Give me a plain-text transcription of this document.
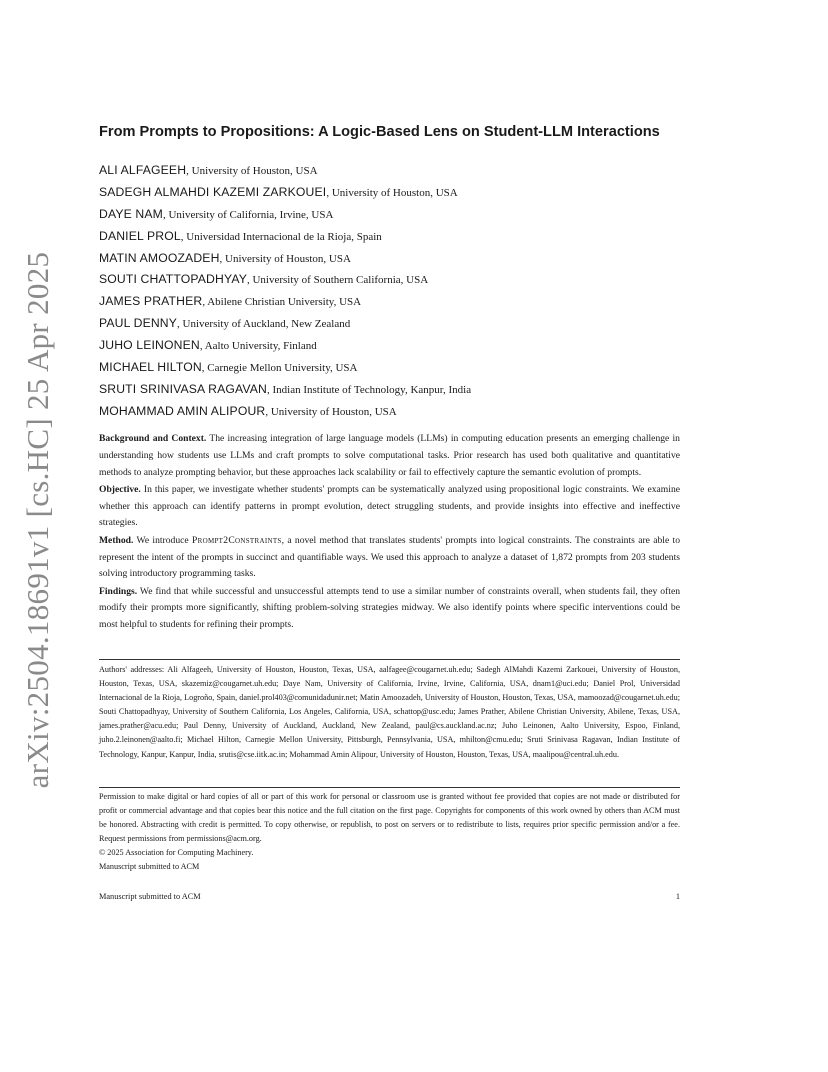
arXiv:2504.18691v1 [cs.HC] 25 Apr 2025
From Prompts to Propositions: A Logic-Based Lens on Student-LLM Interactions
ALI ALFAGEEH, University of Houston, USA
SADEGH ALMAHDI KAZEMI ZARKOUEI, University of Houston, USA
DAYE NAM, University of California, Irvine, USA
DANIEL PROL, Universidad Internacional de la Rioja, Spain
MATIN AMOOZADEH, University of Houston, USA
SOUTI CHATTOPADHYAY, University of Southern California, USA
JAMES PRATHER, Abilene Christian University, USA
PAUL DENNY, University of Auckland, New Zealand
JUHO LEINONEN, Aalto University, Finland
MICHAEL HILTON, Carnegie Mellon University, USA
SRUTI SRINIVASA RAGAVAN, Indian Institute of Technology, Kanpur, India
MOHAMMAD AMIN ALIPOUR, University of Houston, USA

Background and Context. The increasing integration of large language models (LLMs) in computing education presents an emerging challenge in understanding how students use LLMs and craft prompts to solve computational tasks. Prior research has used both qualitative and quantitative methods to analyze prompting behavior, but these approaches lack scalability or fail to effectively capture the semantic evolution of prompts.

Objective. In this paper, we investigate whether students' prompts can be systematically analyzed using propositional logic constraints. We examine whether this approach can identify patterns in prompt evolution, detect struggling students, and provide insights into effective and ineffective strategies.

Method. We introduce Prompt2Constraints, a novel method that translates students' prompts into logical constraints. The constraints are able to represent the intent of the prompts in succinct and quantifiable ways. We used this approach to analyze a dataset of 1,872 prompts from 203 students solving introductory programming tasks.

Findings. We find that while successful and unsuccessful attempts tend to use a similar number of constraints overall, when students fail, they often modify their prompts more significantly, shifting problem-solving strategies midway. We also identify points where specific interventions could be most helpful to students for refining their prompts.

Authors' addresses: Ali Alfageeh, University of Houston, Houston, Texas, USA, aalfagee@cougarnet.uh.edu; Sadegh AlMahdi Kazemi Zarkouei, University of Houston, Houston, Texas, USA, skazemiz@cougarnet.uh.edu; Daye Nam, University of California, Irvine, Irvine, California, USA, dnam1@uci.edu; Daniel Prol, Universidad Internacional de la Rioja, Logroño, Spain, daniel.prol403@comunidadunir.net; Matin Amoozadeh, University of Houston, Houston, Texas, USA, mamoozad@cougarnet.uh.edu; Souti Chattopadhyay, University of Southern California, Los Angeles, California, USA, schattop@usc.edu; James Prather, Abilene Christian University, Abilene, Texas, USA, james.prather@acu.edu; Paul Denny, University of Auckland, Auckland, New Zealand, paul@cs.auckland.ac.nz; Juho Leinonen, Aalto University, Espoo, Finland, juho.2.leinonen@aalto.fi; Michael Hilton, Carnegie Mellon University, Pittsburgh, Pennsylvania, USA, mhilton@cmu.edu; Sruti Srinivasa Ragavan, Indian Institute of Technology, Kanpur, Kanpur, India, srutis@cse.iitk.ac.in; Mohammad Amin Alipour, University of Houston, Houston, Texas, USA, maalipou@central.uh.edu.

Permission to make digital or hard copies of all or part of this work for personal or classroom use is granted without fee provided that copies are not made or distributed for profit or commercial advantage and that copies bear this notice and the full citation on the first page. Copyrights for components of this work owned by others than ACM must be honored. Abstracting with credit is permitted. To copy otherwise, or republish, to post on servers or to redistribute to lists, requires prior specific permission and/or a fee. Request permissions from permissions@acm.org.

© 2025 Association for Computing Machinery.

Manuscript submitted to ACM

Manuscript submitted to ACM	1
